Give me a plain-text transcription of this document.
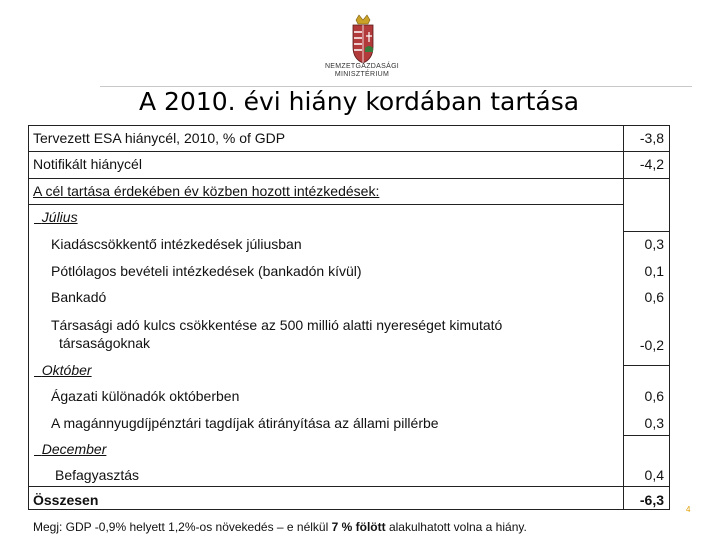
NEMZETGAZDASÁGI
MINISZTÉRIUM
A 2010. évi hiány kordában tartása
Tervezett ESA hiánycél, 2010, % of GDP	-3,8
Notifikált hiánycél	-4,2
A cél tartása érdekében év közben hozott intézkedések:
Július
Kiadáscsökkentő intézkedések júliusban	0,3
Pótlólagos bevételi intézkedések (bankadón kívül)	0,1
Bankadó	0,6
Társasági adó kulcs csökkentése az 500 millió alatti nyereséget kimutató
társaságoknak	-0,2
Október
Ágazati különadók októberben	0,6
A magánnyugdíjpénztári tagdíjak átirányítása az állami pillérbe	0,3
December
Befagyasztás	0,4
Összesen	-6,3
Megj: GDP -0,9% helyett 1,2%-os növekedés – e nélkül 7 % fölött alakulhatott volna a hiány.
4
